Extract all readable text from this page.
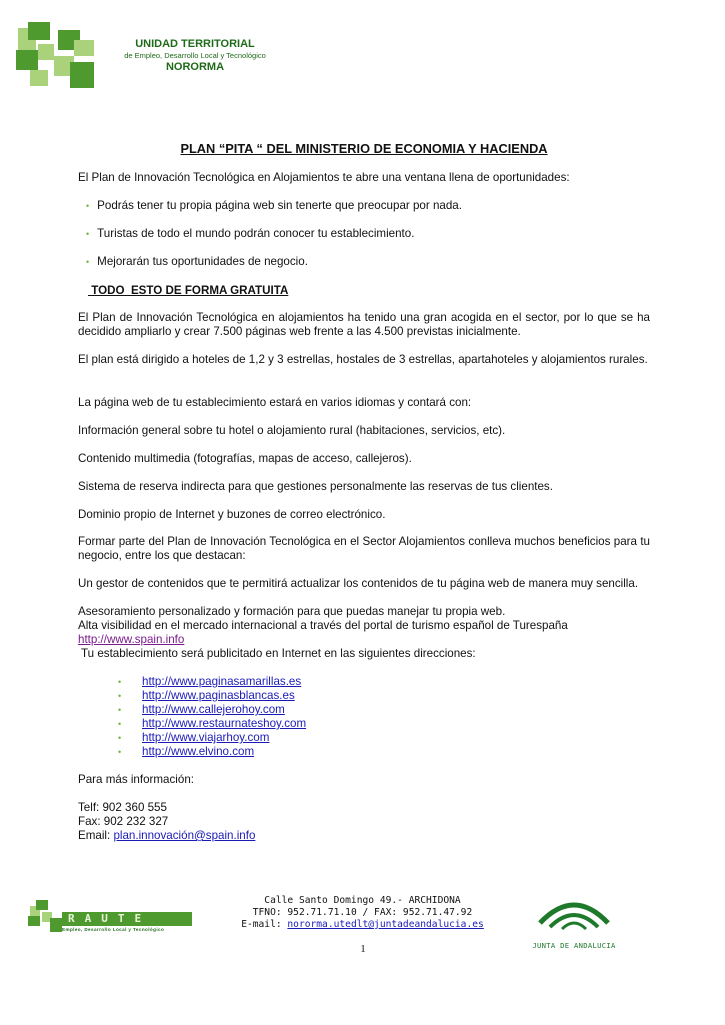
UNIDAD TERRITORIAL
de Empleo, Desarrollo Local y Tecnológico
NORORMA
PLAN “PITA “ DEL MINISTERIO DE ECONOMIA Y HACIENDA

El Plan de Innovación Tecnológica en Alojamientos te abre una ventana llena de oportunidades:

• Podrás tener tu propia página web sin tenerte que preocupar por nada.
• Turistas de todo el mundo podrán conocer tu establecimiento.
• Mejorarán tus oportunidades de negocio.
TODO  ESTO DE FORMA GRATUITA

El Plan de Innovación Tecnológica en alojamientos ha tenido una gran acogida en el sector, por lo que se ha decidido ampliarlo y crear 7.500 páginas web frente a las 4.500 previstas inicialmente.

El plan está dirigido a hoteles de 1,2 y 3 estrellas, hostales de 3 estrellas, apartahoteles y alojamientos rurales.

La página web de tu establecimiento estará en varios idiomas y contará con:

Información general sobre tu hotel o alojamiento rural (habitaciones, servicios, etc).

Contenido multimedia (fotografías, mapas de acceso, callejeros).

Sistema de reserva indirecta para que gestiones personalmente las reservas de tus clientes.

Dominio propio de Internet y buzones de correo electrónico.

Formar parte del Plan de Innovación Tecnológica en el Sector Alojamientos conlleva muchos beneficios para tu negocio, entre los que destacan:

Un gestor de contenidos que te permitirá actualizar los contenidos de tu página web de manera muy sencilla.

Asesoramiento personalizado y formación para que puedas manejar tu propia web.

Alta visibilidad en el mercado internacional a través del portal de turismo español de Turespaña

http://www.spain.info

Tu establecimiento será publicitado en Internet en las siguientes direcciones:

• http://www.paginasamarillas.es
• http://www.paginasblancas.es
• http://www.callejerohoy.com
• http://www.restaurnateshoy.com
• http://www.viajarhoy.com
• http://www.elvino.com

Para más información:

Telf: 902 360 555

Fax: 902 232 327

Email: plan.innovación@spain.info

RAUTE
Empleo, Desarrollo Local y Tecnológico
Calle Santo Domingo 49.- ARCHIDONA
TFNO: 952.71.71.10 / FAX: 952.71.47.92
E-mail: nororma.utedlt@juntadeandalucia.es
1	JUNTA DE ANDALUCIA
